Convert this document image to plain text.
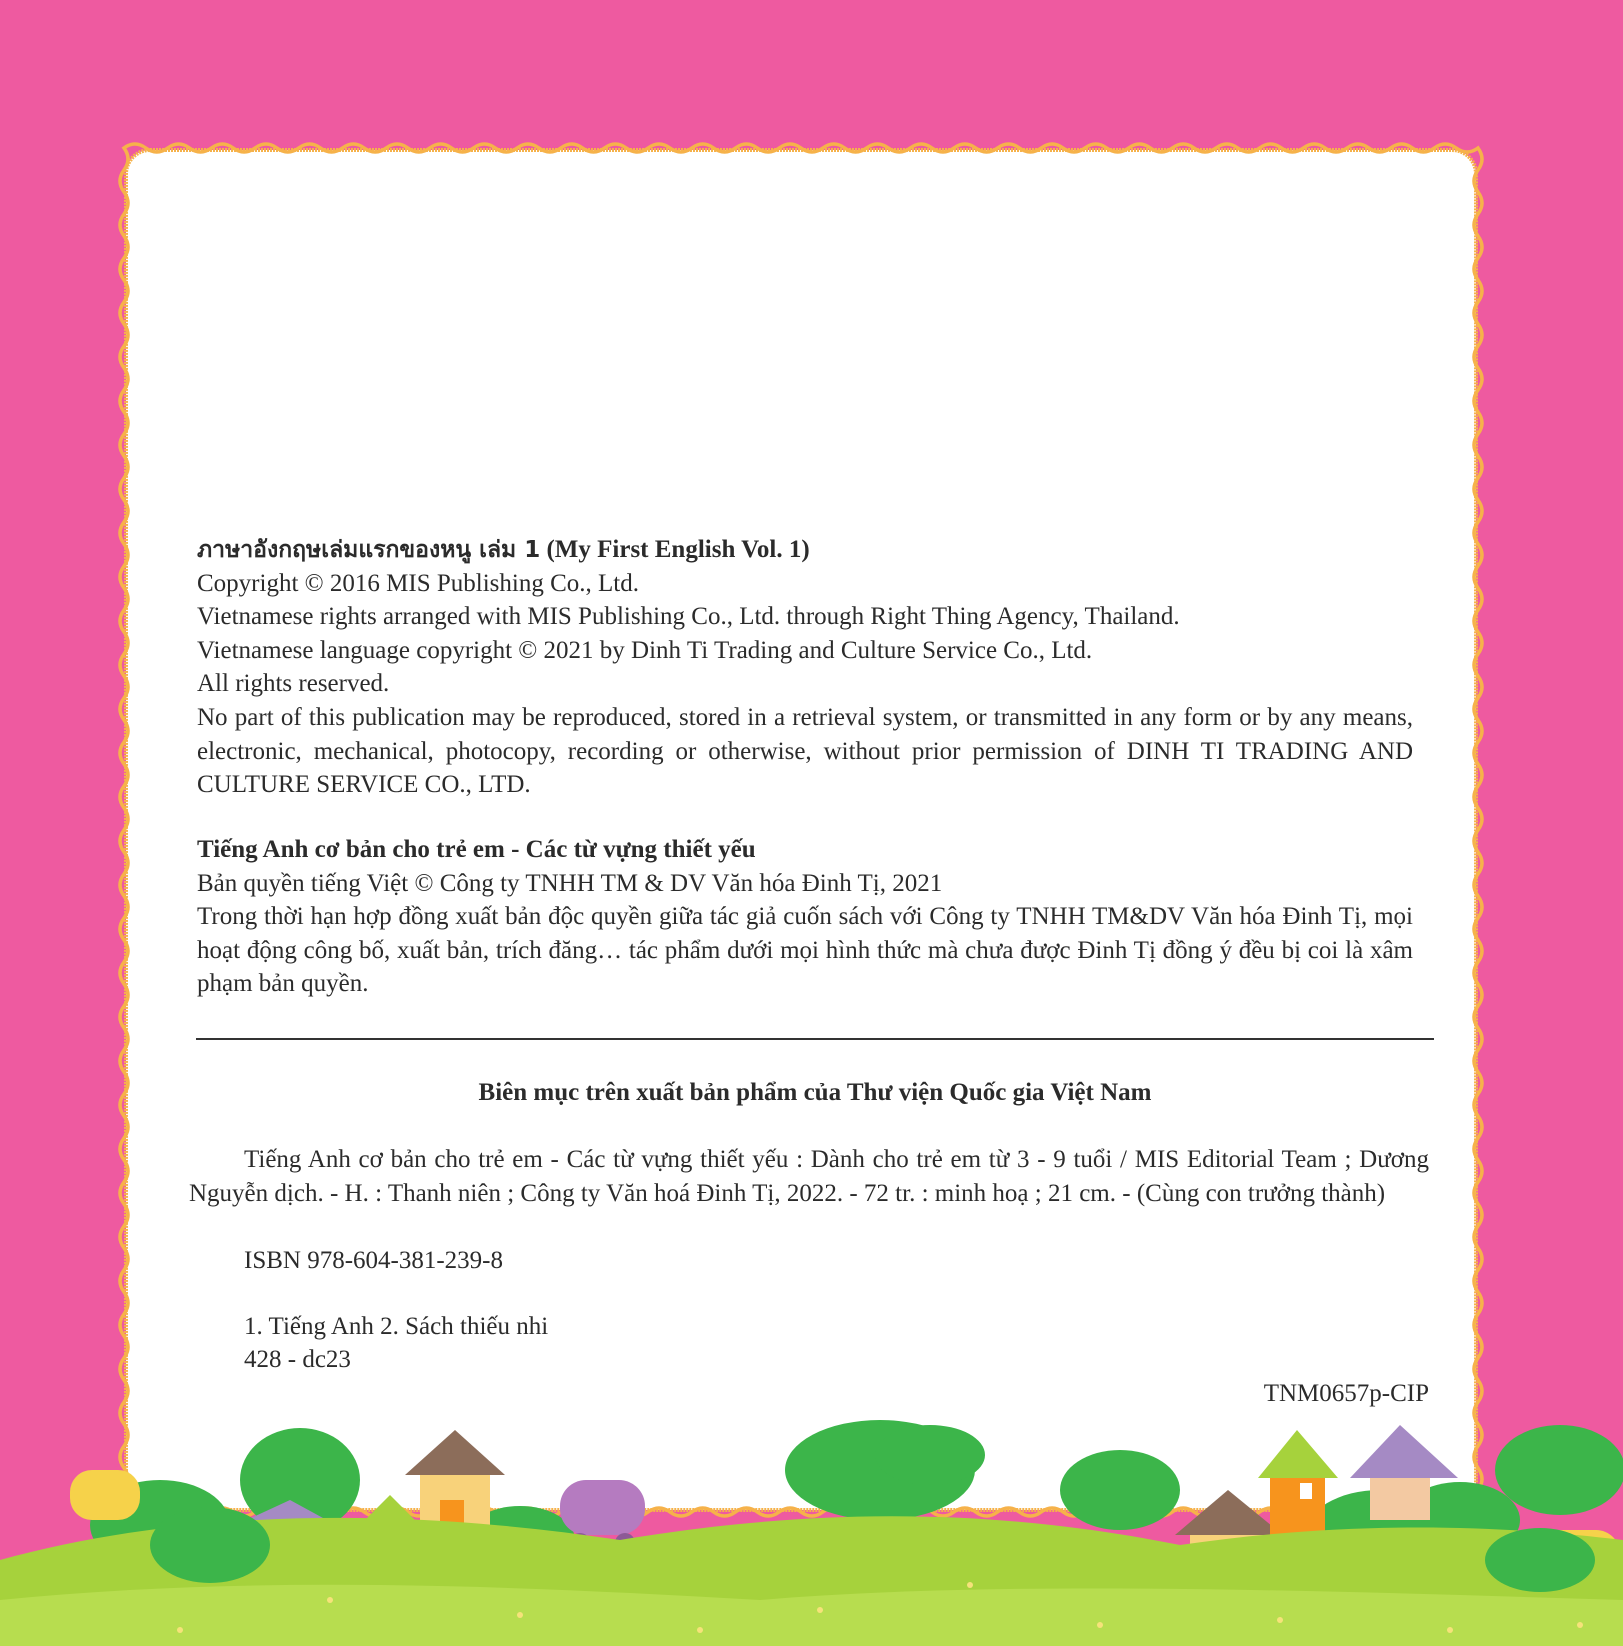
ภาษาอังกฤษเล่มแรกของหนู เล่ม 1 (My First English Vol. 1)

Copyright © 2016 MIS Publishing Co., Ltd.

Vietnamese rights arranged with MIS Publishing Co., Ltd. through Right Thing Agency, Thailand.

Vietnamese language copyright © 2021 by Dinh Ti Trading and Culture Service Co., Ltd.

All rights reserved.

No part of this publication may be reproduced, stored in a retrieval system, or transmitted in any form or by any means, electronic, mechanical, photocopy, recording or otherwise, without prior permission of DINH TI TRADING AND CULTURE SERVICE CO., LTD.

Tiếng Anh cơ bản cho trẻ em - Các từ vựng thiết yếu

Bản quyền tiếng Việt © Công ty TNHH TM & DV Văn hóa Đinh Tị, 2021

Trong thời hạn hợp đồng xuất bản độc quyền giữa tác giả cuốn sách với Công ty TNHH TM&DV Văn hóa Đinh Tị, mọi hoạt động công bố, xuất bản, trích đăng… tác phẩm dưới mọi hình thức mà chưa được Đinh Tị đồng ý đều bị coi là xâm phạm bản quyền.

Biên mục trên xuất bản phẩm của Thư viện Quốc gia Việt Nam

Tiếng Anh cơ bản cho trẻ em - Các từ vựng thiết yếu : Dành cho trẻ em từ 3 - 9 tuổi / MIS Editorial Team ; Dương Nguyễn dịch. - H. : Thanh niên ; Công ty Văn hoá Đinh Tị, 2022. - 72 tr. : minh hoạ ; 21 cm. - (Cùng con trưởng thành)

ISBN 978-604-381-239-8

1. Tiếng Anh 2. Sách thiếu nhi

428 - dc23

TNM0657p-CIP
